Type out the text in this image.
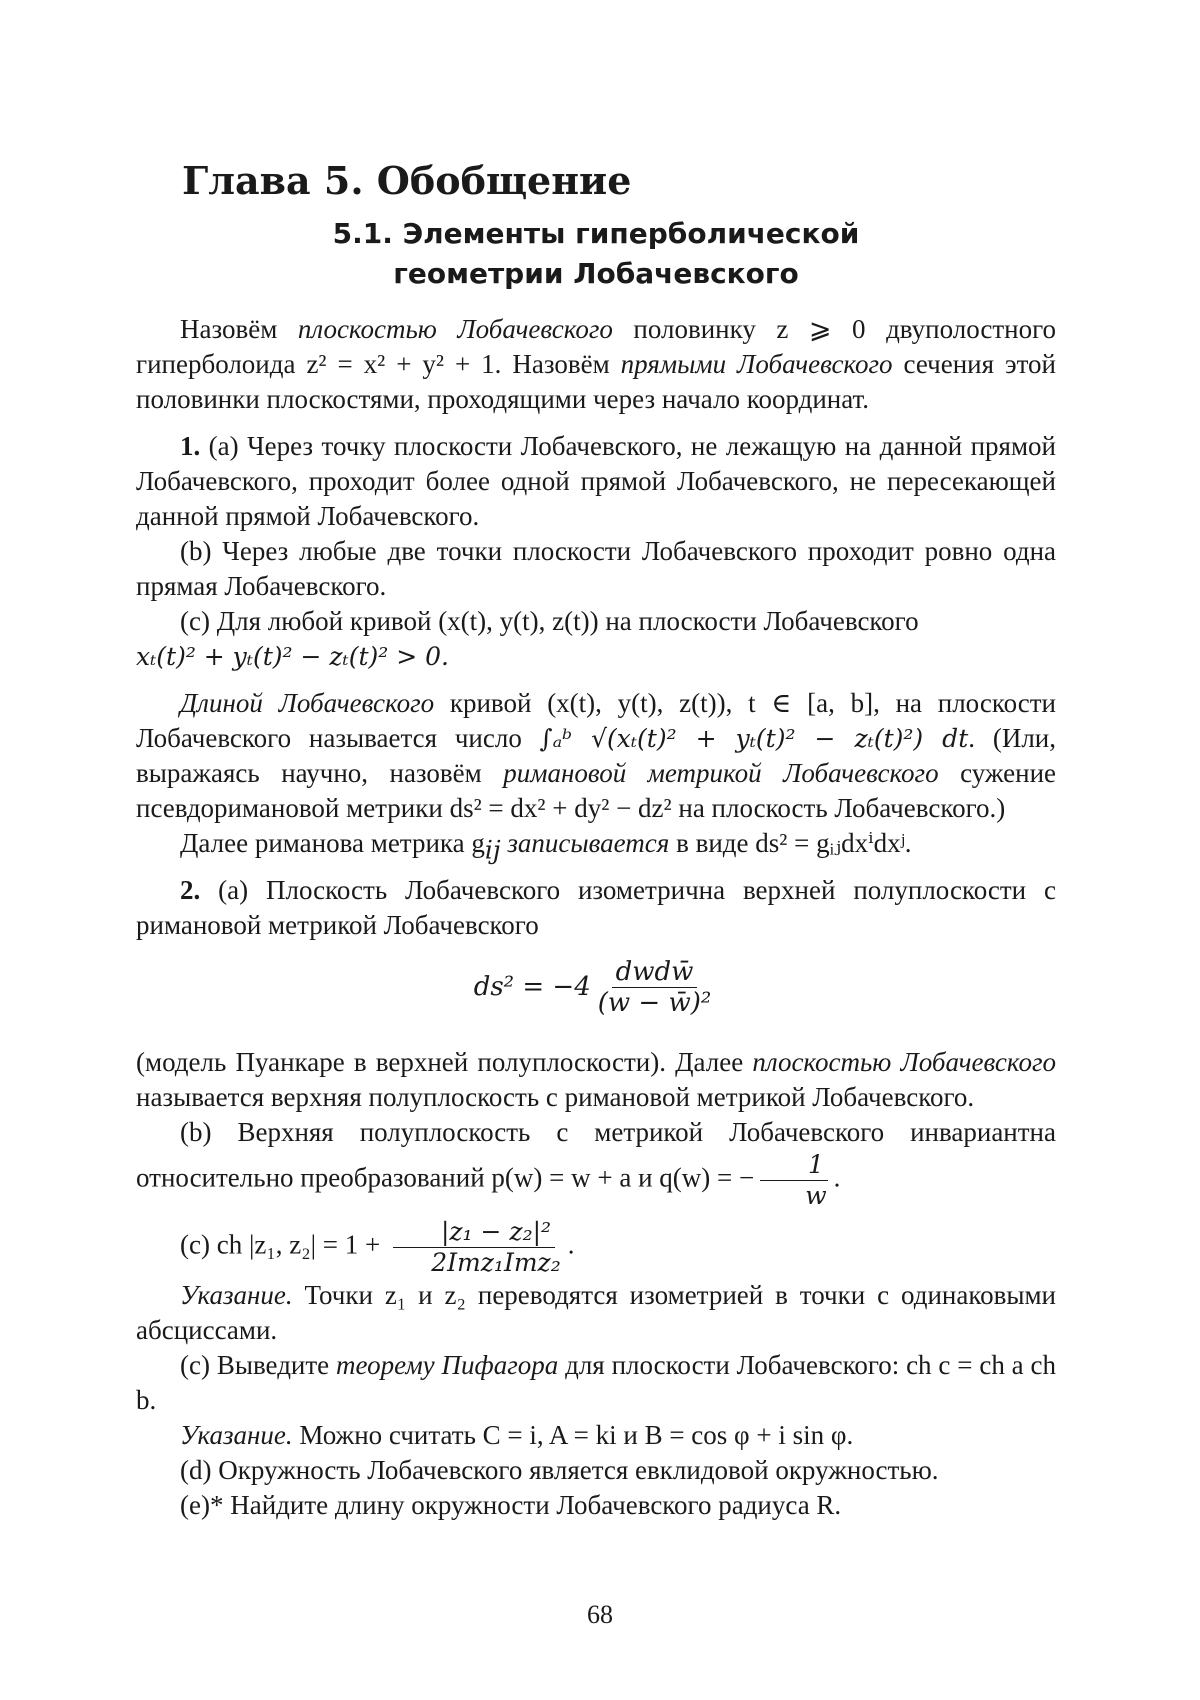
Глава 5. Обобщение
5.1. Элементы гиперболической
геометрии Лобачевского

Назовём плоскостью Лобачевского половинку z ⩾ 0 двуполостного гиперболоида z² = x² + y² + 1. Назовём прямыми Лобачевского сечения этой половинки плоскостями, проходящими через начало координат.

1. (a) Через точку плоскости Лобачевского, не лежащую на данной прямой Лобачевского, проходит более одной прямой Лобачевского, не пересекающей данной прямой Лобачевского.

(b) Через любые две точки плоскости Лобачевского проходит ровно одна прямая Лобачевского.

(c) Для любой кривой (x(t), y(t), z(t)) на плоскости Лобачевского
xₜ(t)² + yₜ(t)² − zₜ(t)² > 0.

Длиной Лобачевского кривой (x(t), y(t), z(t)), t ∈ [a, b], на плоскости Лобачевского называется число ∫ₐᵇ √(xₜ(t)² + yₜ(t)² − zₜ(t)²) dt. (Или, выражаясь научно, назовём римановой метрикой Лобачевского сужение псевдоримановой метрики ds² = dx² + dy² − dz² на плоскость Лобачевского.)

Далее риманова метрика gij записывается в виде ds² = gᵢⱼdxⁱdxʲ.

2. (a) Плоскость Лобачевского изометрична верхней полуплоскости с римановой метрикой Лобачевского

ds² = −4 dwdw̄
(w − w̄)²

(модель Пуанкаре в верхней полуплоскости). Далее плоскостью Лобачевского называется верхняя полуплоскость с римановой метрикой Лобачевского.

(b) Верхняя полуплоскость с метрикой Лобачевского инвариантна относительно преобразований p(w) = w + a и q(w) = −	1
w
.

(c) ch |z₁, z₂| = 1 +	|z₁ − z₂|²
2Imz₁Imz₂
.

Указание. Точки z₁ и z₂ переводятся изометрией в точки с одинаковыми абсциссами.

(c) Выведите теорему Пифагора для плоскости Лобачевского: ch c = ch a ch b.

Указание. Можно считать C = i, A = ki и B = cos φ + i sin φ.

(d) Окружность Лобачевского является евклидовой окружностью.

(e)* Найдите длину окружности Лобачевского радиуса R.

68
